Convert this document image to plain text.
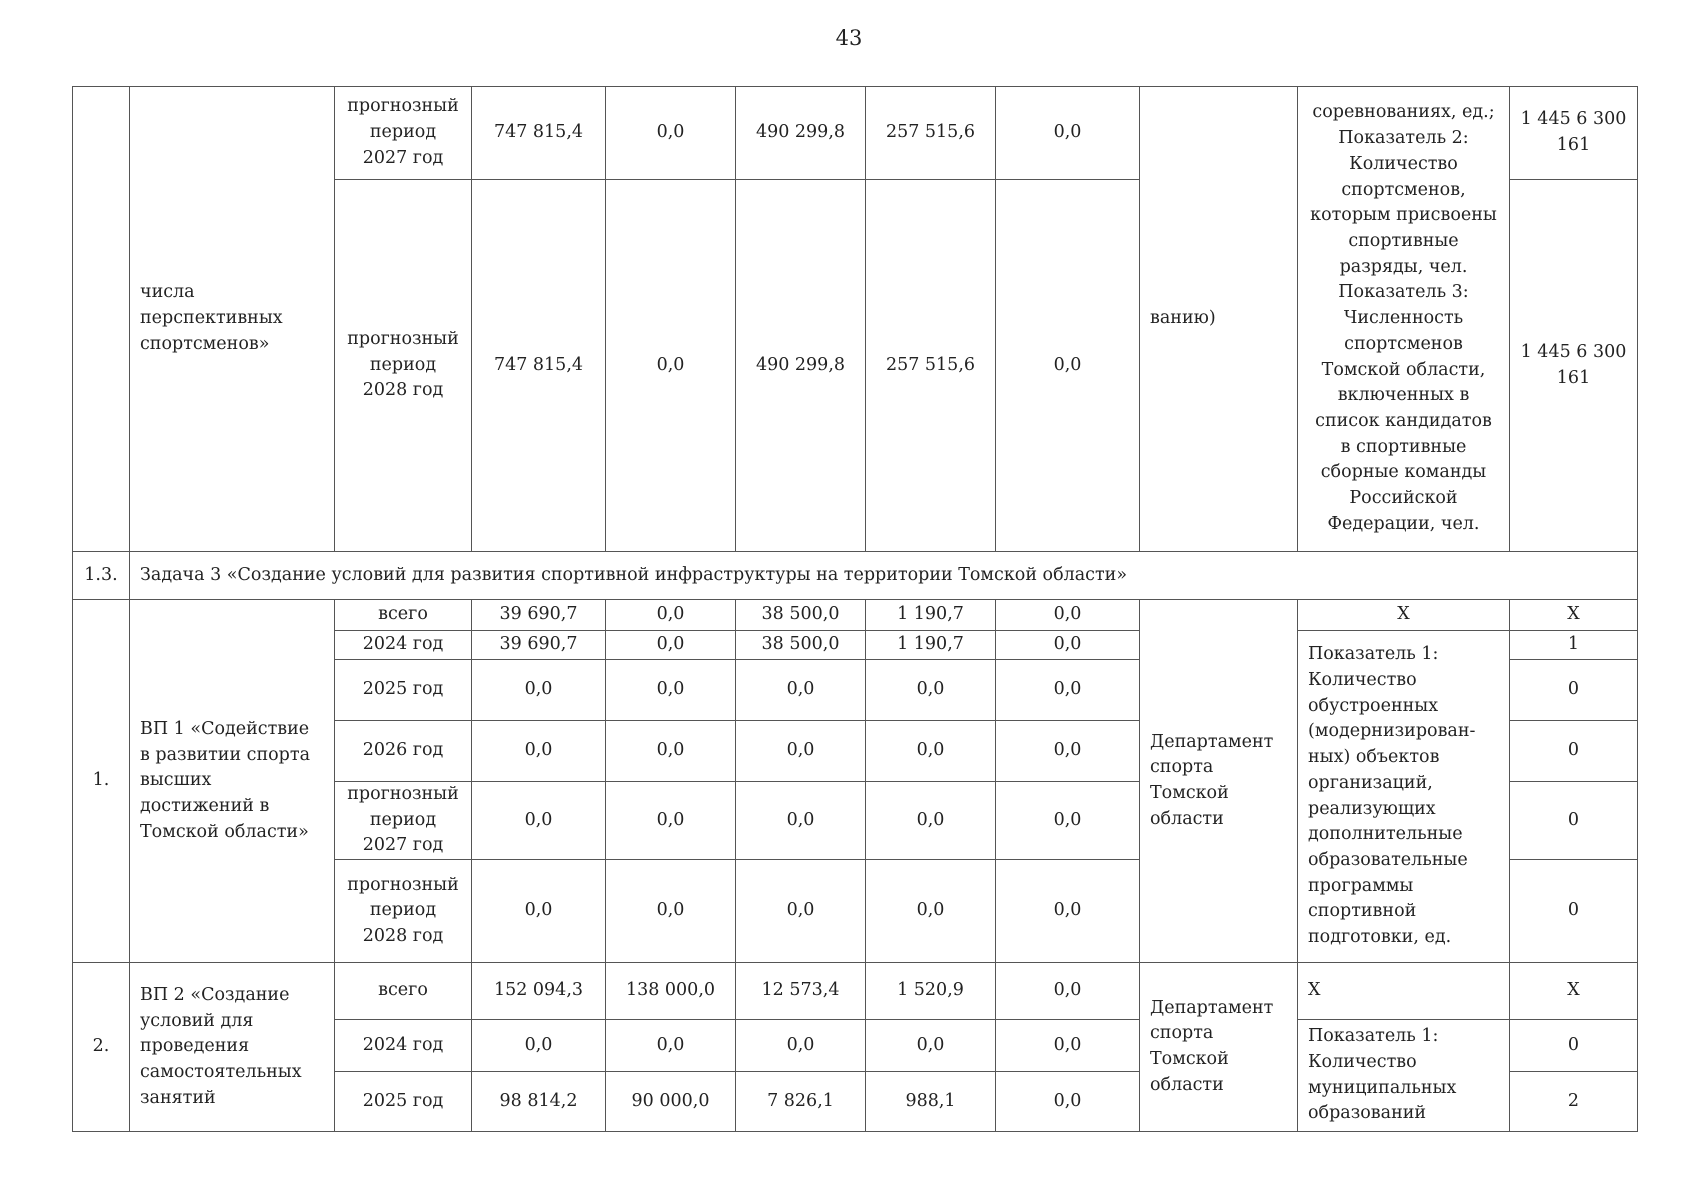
43
	числа перспективных спортсменов»	прогнозный период 2027 год	747 815,4	0,0	490 299,8	257 515,6	0,0	ванию)	соревнованиях, ед.; Показатель 2: Количество спортсменов, которым присвоены спортивные разряды, чел. Показатель 3: Численность спортсменов Томской области, включенных в список кандидатов в спортивные сборные команды Российской Федерации, чел.	1 445 6 300 161
		прогнозный период 2028 год	747 815,4	0,0	490 299,8	257 515,6	0,0			1 445 6 300 161
1.3.	Задача 3 «Создание условий для развития спортивной инфраструктуры на территории Томской области»									
1.	ВП 1 «Содействие в развитии спорта высших достижений в Томской области»	всего	39 690,7	0,0	38 500,0	1 190,7	0,0	Департамент спорта Томской области	Х	Х
		2024 год	39 690,7	0,0	38 500,0	1 190,7	0,0		Показатель 1: Количество обустроенных (модернизированных) объектов организаций, реализующих дополнительные образовательные программы спортивной подготовки, ед.	1
		2025 год	0,0	0,0	0,0	0,0	0,0			0
		2026 год	0,0	0,0	0,0	0,0	0,0			0
		прогнозный период 2027 год	0,0	0,0	0,0	0,0	0,0			0
		прогнозный период 2028 год	0,0	0,0	0,0	0,0	0,0			0
2.	ВП 2 «Создание условий для проведения самостоятельных занятий	всего	152 094,3	138 000,0	12 573,4	1 520,9	0,0	Департамент спорта Томской области	Х	Х
		2024 год	0,0	0,0	0,0	0,0	0,0		Показатель 1: Количество муниципальных образований	0
		2025 год	98 814,2	90 000,0	7 826,1	988,1	0,0			2
